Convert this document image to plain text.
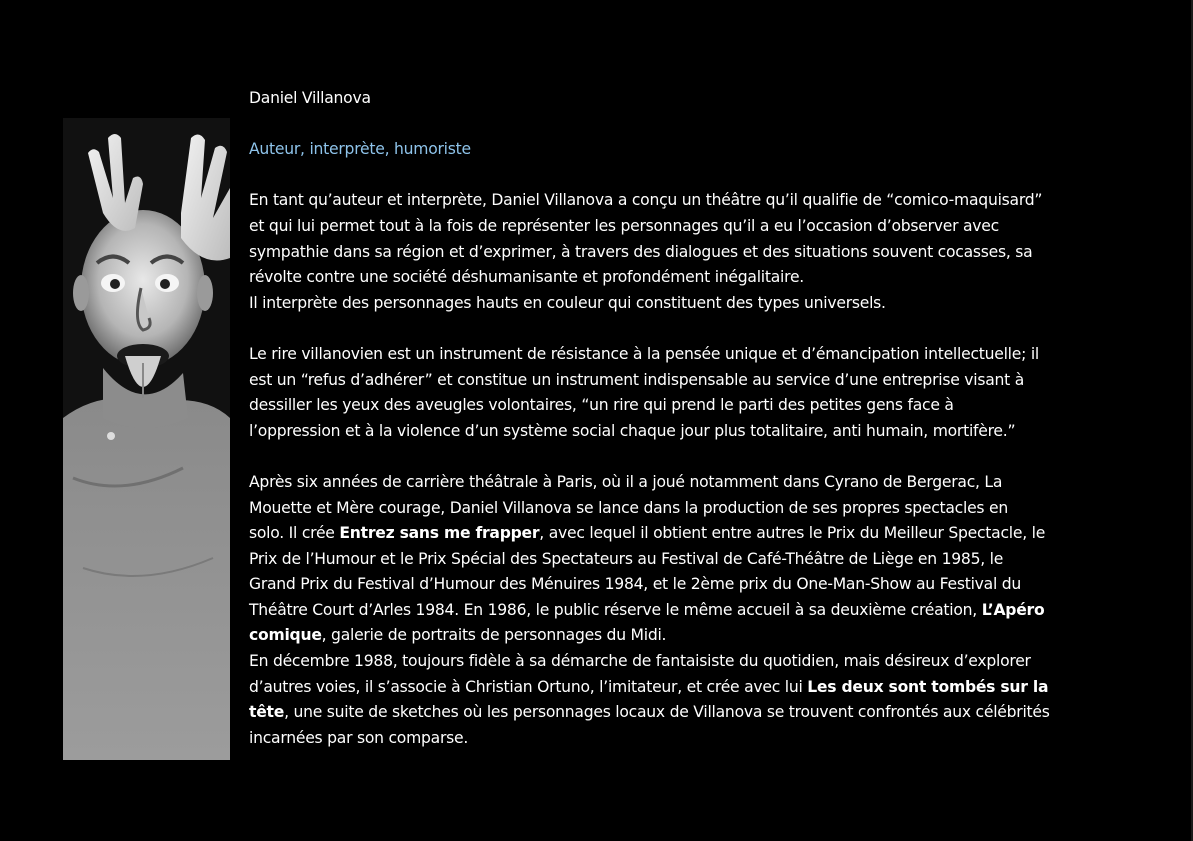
Daniel Villanova

Auteur, interprète, humoriste

En tant qu’auteur et interprète, Daniel Villanova a conçu un théâtre qu’il qualifie de “comico-maquisard”
et qui lui permet tout à la fois de représenter les personnages qu’il a eu l’occasion d’observer avec
sympathie dans sa région et d’exprimer, à travers des dialogues et des situations souvent cocasses, sa
révolte contre une société déshumanisante et profondément inégalitaire.
Il interprète des personnages hauts en couleur qui constituent des types universels.

Le rire villanovien est un instrument de résistance à la pensée unique et d’émancipation intellectuelle; il
est un “refus d’adhérer” et constitue un instrument indispensable au service d’une entreprise visant à
dessiller les yeux des aveugles volontaires, “un rire qui prend le parti des petites gens face à
l’oppression et à la violence d’un système social chaque jour plus totalitaire, anti humain, mortifère.”

Après six années de carrière théâtrale à Paris, où il a joué notamment dans Cyrano de Bergerac, La
Mouette et Mère courage, Daniel Villanova se lance dans la production de ses propres spectacles en
solo. Il crée Entrez sans me frapper, avec lequel il obtient entre autres le Prix du Meilleur Spectacle, le
Prix de l’Humour et le Prix Spécial des Spectateurs au Festival de Café-Théâtre de Liège en 1985, le
Grand Prix du Festival d’Humour des Ménuires 1984, et le 2ème prix du One-Man-Show au Festival du
Théâtre Court d’Arles 1984. En 1986, le public réserve le même accueil à sa deuxième création, L’Apéro
comique, galerie de portraits de personnages du Midi.
En décembre 1988, toujours fidèle à sa démarche de fantaisiste du quotidien, mais désireux d’explorer
d’autres voies, il s’associe à Christian Ortuno, l’imitateur, et crée avec lui Les deux sont tombés sur la
tête, une suite de sketches où les personnages locaux de Villanova se trouvent confrontés aux célébrités
incarnées par son comparse.
